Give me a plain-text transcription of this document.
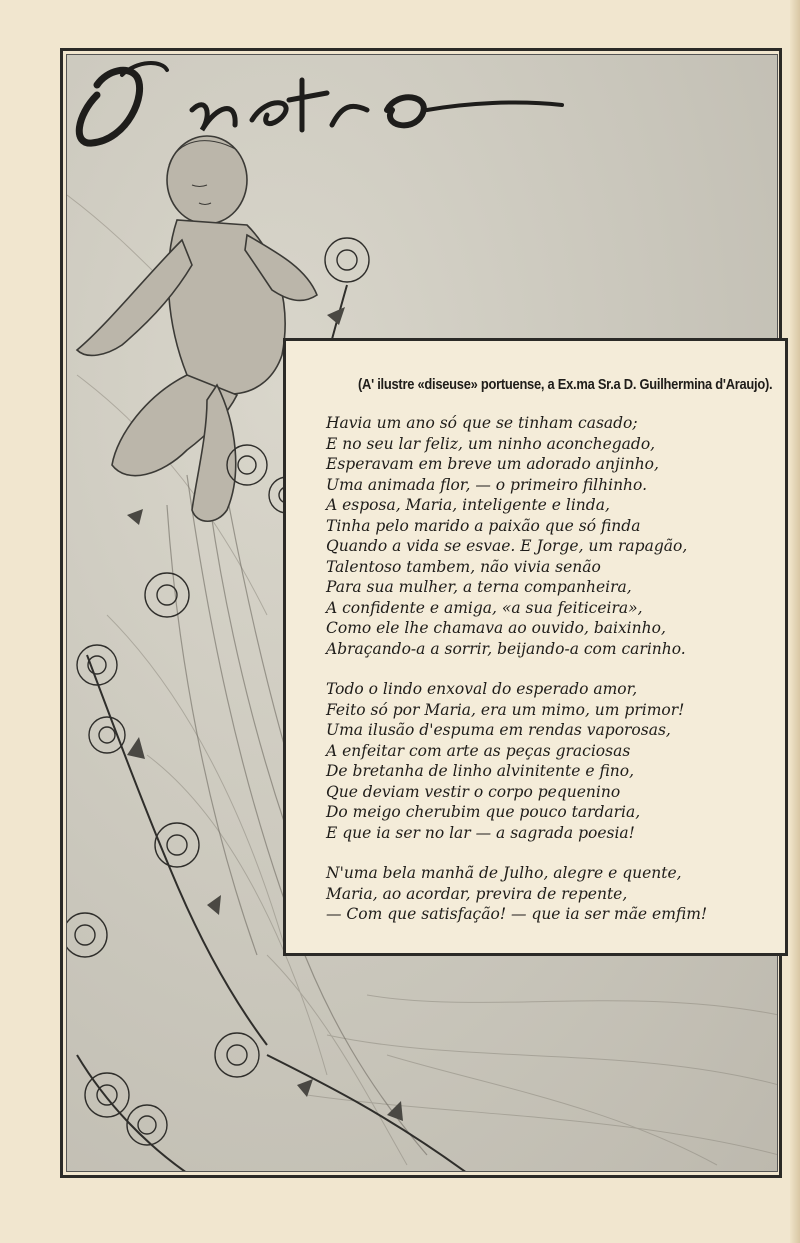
(A' ilustre «diseuse» portuense, a Ex.ma Sr.a D. Guilhermina d'Araujo).
Havia um ano só que se tinham casado;
E no seu lar feliz, um ninho aconchegado,
Esperavam em breve um adorado anjinho,
Uma animada flor, — o primeiro filhinho.
A esposa, Maria, inteligente e linda,
Tinha pelo marido a paixão que só finda
Quando a vida se esvae. E Jorge, um rapagão,
Talentoso tambem, não vivia senão
Para sua mulher, a terna companheira,
A confidente e amiga, «a sua feiticeira»,
Como ele lhe chamava ao ouvido, baixinho,
Abraçando-a a sorrir, beijando-a com carinho.
Todo o lindo enxoval do esperado amor,
Feito só por Maria, era um mimo, um primor!
Uma ilusão d'espuma em rendas vaporosas,
A enfeitar com arte as peças graciosas
De bretanha de linho alvinitente e fino,
Que deviam vestir o corpo pequenino
Do meigo cherubim que pouco tardaria,
E que ia ser no lar — a sagrada poesia!
N'uma bela manhã de Julho, alegre e quente,
Maria, ao acordar, previra de repente,
— Com que satisfação! — que ia ser mãe emfim!
